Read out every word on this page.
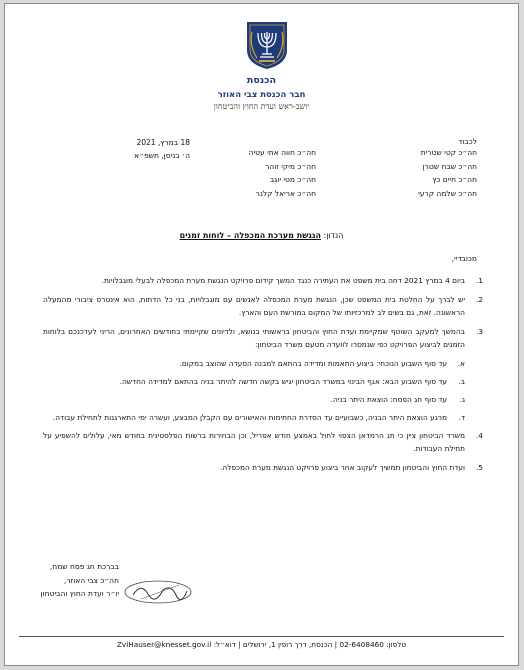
הכנסת
חבר הכנסת צבי האוזר
יושב-ראש ועדת החוץ והביטחון
לכבוד
חה״כ קטי שטרית
חה״כ שבח שטרן
חה״כ חיים כץ
חה״כ שלמה קרעי
חה״כ חווה אתי עטיה
חה״כ מיקי זוהר
חה״כ מטי יוגב
חה״כ אריאל קלנר
18 במרץ, 2021
ה׳ בניסן, תשפ״א
הנדון: הנגשת מערכת המכפלה – לוחות זמנים
מכובדיי,
1.
ביום 4 במרץ 2021 דחה בית משפט את העתירה כנגד המשך קידום פרויקט הנגשת מערת המכפלה לבעלי מוגבלויות.
2.
יש לברך על החלטת בית המשפט שכן, הנגשת מערת המכפלה לאנשים עם מוגבלויות, בני כל הדתות, הוא אינטרס ציבורי מהמעלה הראשונה. זאת, גם בשים לב למרכזיותו של המקום במורשת העם והארץ.
3.
בהמשך למעקב השוטף שמקיימת ועדת החוץ והביטחון בראשותי בנושא, ולדיונים שקיימתי בחודשים האחרונים, הריני לעדכנכם בלוחות הזמנים לביצוע הפרויקט כפי שנמסרו לוועדה מטעם משרד הביטחון:
א.
עד סוף השבוע הנוכחי: ביצוע התאמות ומדידה בהתאם למבנה הסעדה שהוצב במקום.
ב.
עד סוף השבוע הבא: אגף הבינוי במשרד הביטחון יגיש בקשה חדשה להיתר בניה בהתאם למדידה החדשה.
ג.
עד סוף חג הפסח: הוצאת היתר בניה.
ד.
מרגע הוצאת היתר הבניה, כשבועיים עד הסדרת החתימות והאישורים עם הקבלן המבצע, ועשרה ימי התארגנות לתחילת עבודה.
4.
משרד הביטחון ציין כי תנ הרמדאן הצפוי לחול באמצע חודש אפריל, וכן הבחירות ברשות הפלסטינית בחודש מאי, עלולים להשפיע על תחילת העבודות.
5.
ועדת החוץ והביטחון תמשיך לעקוב אחר ביצוע פרויקט הנגשת מערת המכפלה.
בברכת חג פסח שמח,
חה״כ צבי האוזר,
יו״ר ועדת החוץ והביטחון
טלפון: 02-6408460 | הכנסת, דרך רופין 1, ירושלים | דוא״ל: ZviHauser@knesset.gov.il
